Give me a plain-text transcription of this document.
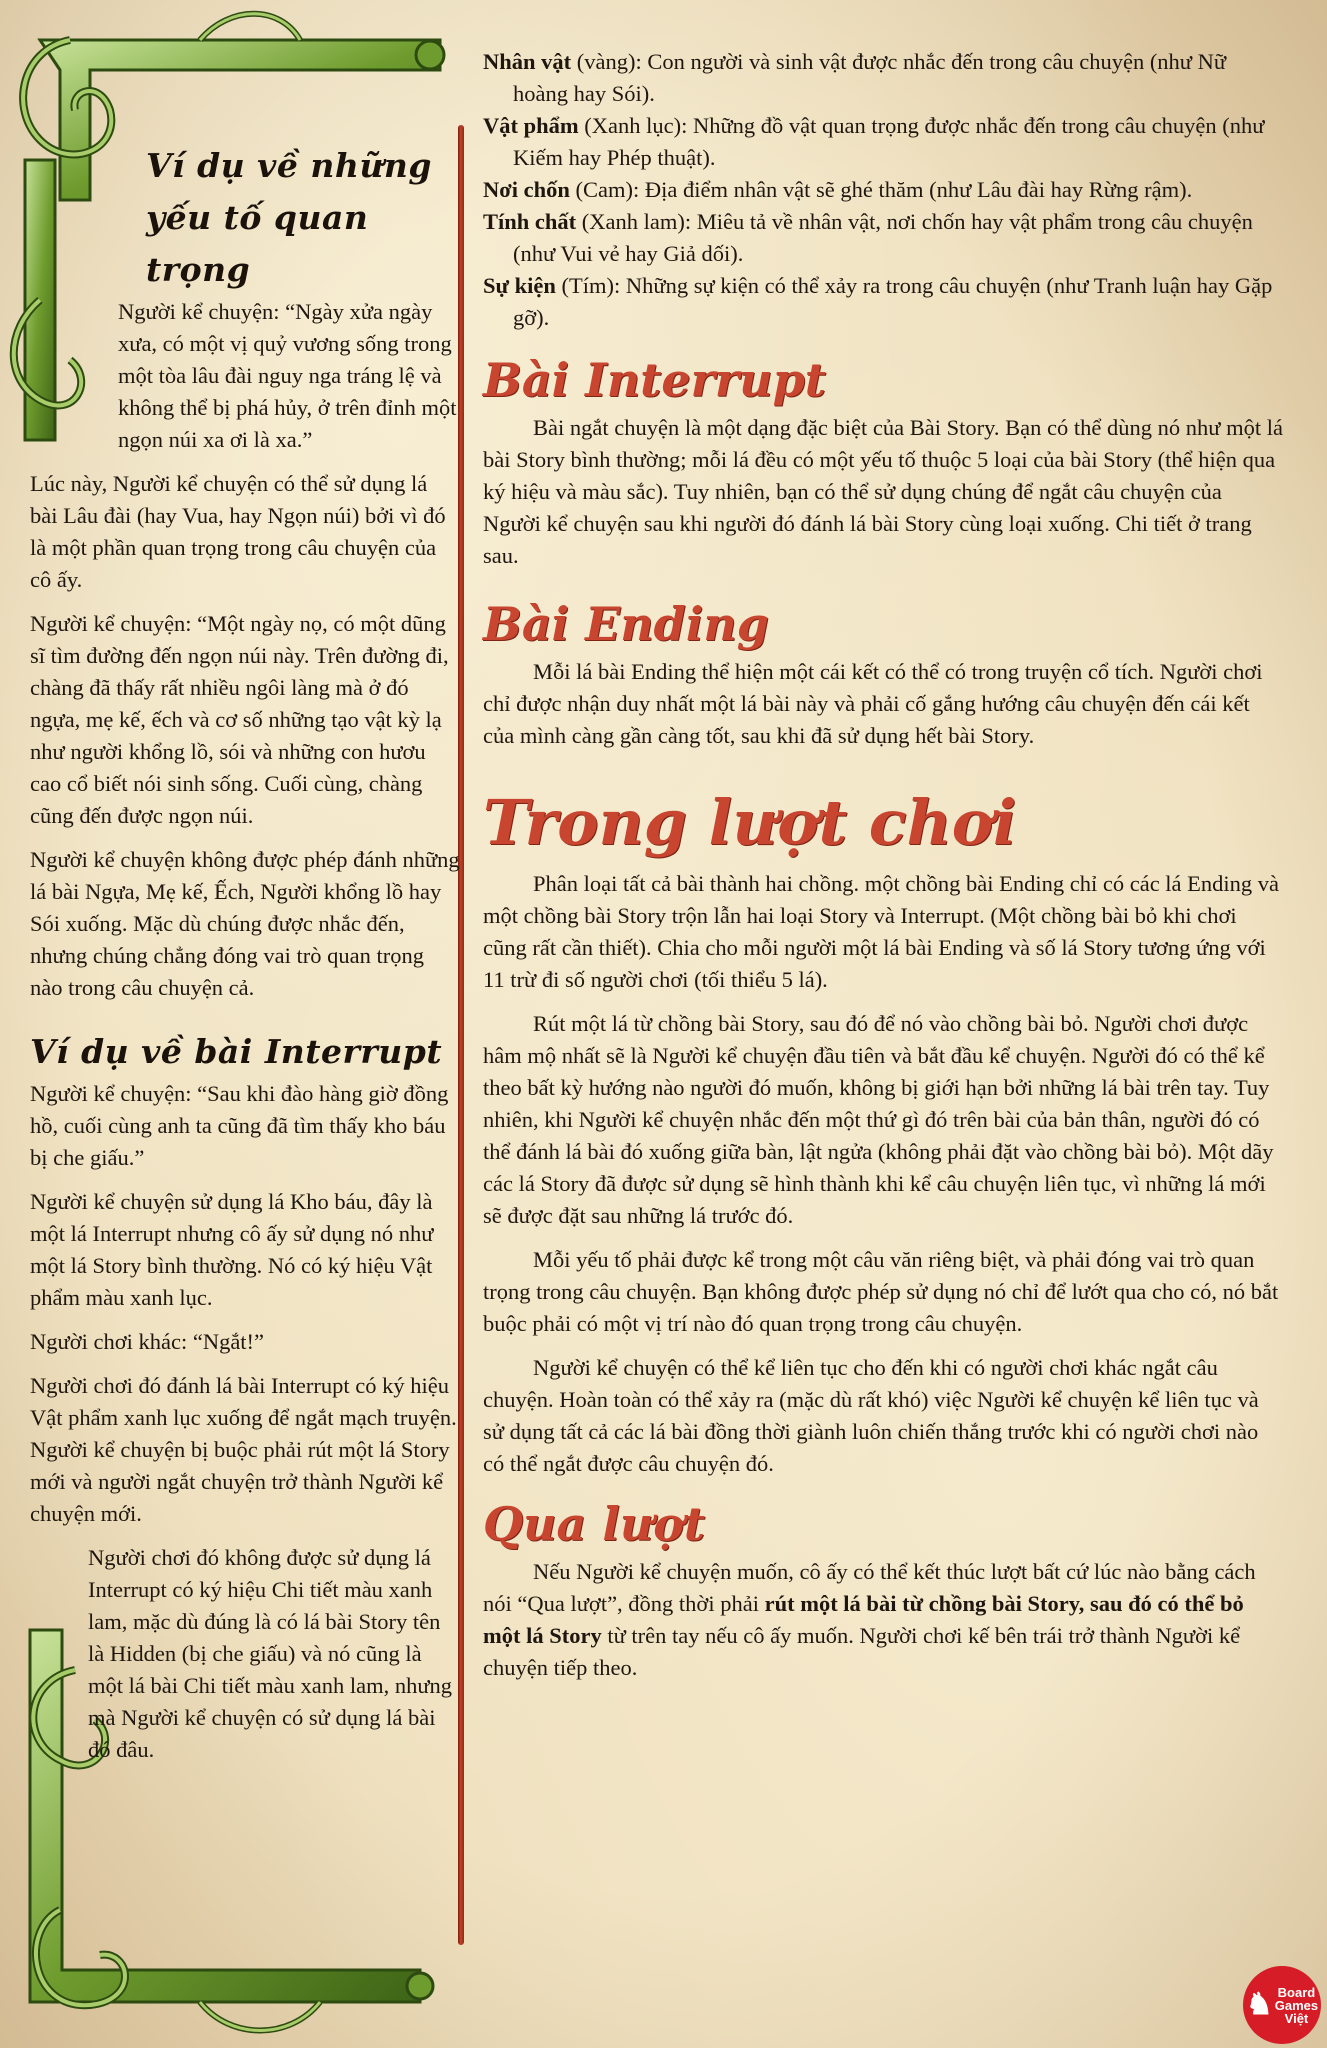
Ví dụ về những
yếu tố quan trọng

Người kể chuyện: “Ngày xửa ngày xưa, có một vị quỷ vương sống trong một tòa lâu đài nguy nga tráng lệ và không thể bị phá hủy, ở trên đỉnh một ngọn núi xa ơi là xa.”

Lúc này, Người kể chuyện có thể sử dụng lá bài Lâu đài (hay Vua, hay Ngọn núi) bởi vì đó là một phần quan trọng trong câu chuyện của cô ấy.

Người kể chuyện: “Một ngày nọ, có một dũng sĩ tìm đường đến ngọn núi này. Trên đường đi, chàng đã thấy rất nhiều ngôi làng mà ở đó ngựa, mẹ kế, ếch và cơ số những tạo vật kỳ lạ như người khổng lồ, sói và những con hươu cao cổ biết nói sinh sống. Cuối cùng, chàng cũng đến được ngọn núi.

Người kể chuyện không được phép đánh những lá bài Ngựa, Mẹ kế, Ếch, Người khổng lồ hay Sói xuống. Mặc dù chúng được nhắc đến, nhưng chúng chẳng đóng vai trò quan trọng nào trong câu chuyện cả.

Ví dụ về bài Interrupt

Người kể chuyện: “Sau khi đào hàng giờ đồng hồ, cuối cùng anh ta cũng đã tìm thấy kho báu bị che giấu.”

Người kể chuyện sử dụng lá Kho báu, đây là một lá Interrupt nhưng cô ấy sử dụng nó như một lá Story bình thường. Nó có ký hiệu Vật phẩm màu xanh lục.

Người chơi khác: “Ngắt!”

Người chơi đó đánh lá bài Interrupt có ký hiệu Vật phẩm xanh lục xuống để ngắt mạch truyện. Người kể chuyện bị buộc phải rút một lá Story mới và người ngắt chuyện trở thành Người kể chuyện mới.

Người chơi đó không được sử dụng lá Interrupt có ký hiệu Chi tiết màu xanh lam, mặc dù đúng là có lá bài Story tên là Hidden (bị che giấu) và nó cũng là một lá bài Chi tiết màu xanh lam, nhưng mà Người kể chuyện có sử dụng lá bài đó đâu.

Nhân vật (vàng): Con người và sinh vật được nhắc đến trong câu chuyện (như Nữ hoàng hay Sói).

Vật phẩm (Xanh lục): Những đồ vật quan trọng được nhắc đến trong câu chuyện (như Kiếm hay Phép thuật).

Nơi chốn (Cam): Địa điểm nhân vật sẽ ghé thăm (như Lâu đài hay Rừng rậm).

Tính chất (Xanh lam): Miêu tả về nhân vật, nơi chốn hay vật phẩm trong câu chuyện (như Vui vẻ hay Giả dối).

Sự kiện (Tím): Những sự kiện có thể xảy ra trong câu chuyện (như Tranh luận hay Gặp gỡ).

Bài Interrupt

Bài ngắt chuyện là một dạng đặc biệt của Bài Story. Bạn có thể dùng nó như một lá bài Story bình thường; mỗi lá đều có một yếu tố thuộc 5 loại của bài Story (thể hiện qua ký hiệu và màu sắc). Tuy nhiên, bạn có thể sử dụng chúng để ngắt câu chuyện của Người kể chuyện sau khi người đó đánh lá bài Story cùng loại xuống. Chi tiết ở trang sau.

Bài Ending

Mỗi lá bài Ending thể hiện một cái kết có thể có trong truyện cổ tích. Người chơi chỉ được nhận duy nhất một lá bài này và phải cố gắng hướng câu chuyện đến cái kết của mình càng gần càng tốt, sau khi đã sử dụng hết bài Story.

Trong lượt chơi

Phân loại tất cả bài thành hai chồng. một chồng bài Ending chỉ có các lá Ending và một chồng bài Story trộn lẫn hai loại Story và Interrupt. (Một chồng bài bỏ khi chơi cũng rất cần thiết). Chia cho mỗi người một lá bài Ending và số lá Story tương ứng với 11 trừ đi số người chơi (tối thiểu 5 lá).

Rút một lá từ chồng bài Story, sau đó để nó vào chồng bài bỏ. Người chơi được hâm mộ nhất sẽ là Người kể chuyện đầu tiên và bắt đầu kể chuyện. Người đó có thể kể theo bất kỳ hướng nào người đó muốn, không bị giới hạn bởi những lá bài trên tay. Tuy nhiên, khi Người kể chuyện nhắc đến một thứ gì đó trên bài của bản thân, người đó có thể đánh lá bài đó xuống giữa bàn, lật ngửa (không phải đặt vào chồng bài bỏ). Một dãy các lá Story đã được sử dụng sẽ hình thành khi kể câu chuyện liên tục, vì những lá mới sẽ được đặt sau những lá trước đó.

Mỗi yếu tố phải được kể trong một câu văn riêng biệt, và phải đóng vai trò quan trọng trong câu chuyện. Bạn không được phép sử dụng nó chỉ để lướt qua cho có, nó bắt buộc phải có một vị trí nào đó quan trọng trong câu chuyện.

Người kể chuyện có thể kể liên tục cho đến khi có người chơi khác ngắt câu chuyện. Hoàn toàn có thể xảy ra (mặc dù rất khó) việc Người kể chuyện kể liên tục và sử dụng tất cả các lá bài đồng thời giành luôn chiến thắng trước khi có người chơi nào có thể ngắt được câu chuyện đó.

Qua lượt

Nếu Người kể chuyện muốn, cô ấy có thể kết thúc lượt bất cứ lúc nào bằng cách nói “Qua lượt”, đồng thời phải rút một lá bài từ chồng bài Story, sau đó có thể bỏ một lá Story từ trên tay nếu cô ấy muốn. Người chơi kế bên trái trở thành Người kể chuyện tiếp theo.

♞ Board
Games
Việt
